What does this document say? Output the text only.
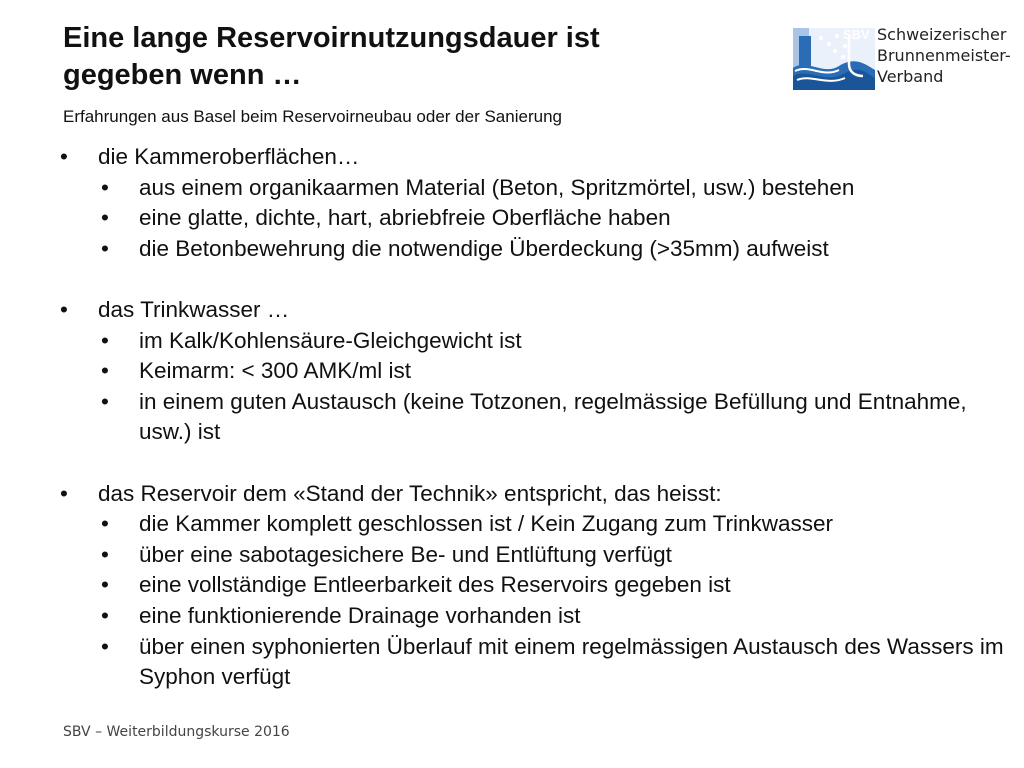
Eine lange Reservoirnutzungsdauer ist
gegeben wenn …
Erfahrungen aus Basel beim Reservoirneubau oder der Sanierung
SBV Schweizerischer
Brunnenmeister-
Verband
•	die Kammeroberflächen…
•	aus einem organikaarmen Material (Beton, Spritzmörtel, usw.) bestehen
•	eine glatte, dichte, hart, abriebfreie Oberfläche haben
•	die Betonbewehrung die notwendige Überdeckung (>35mm) aufweist
•	das Trinkwasser …
•	im Kalk/Kohlensäure-Gleichgewicht ist
•	Keimarm: < 300 AMK/ml ist
•	in einem guten Austausch (keine Totzonen, regelmässige Befüllung und Entnahme, usw.) ist
•	das Reservoir dem «Stand der Technik» entspricht, das heisst:
•	die Kammer komplett geschlossen ist / Kein Zugang zum Trinkwasser
•	über eine sabotagesichere Be- und Entlüftung verfügt
•	eine vollständige Entleerbarkeit des Reservoirs gegeben ist
•	eine funktionierende Drainage vorhanden ist
•	über einen syphonierten Überlauf mit einem regelmässigen Austausch des Wassers im Syphon verfügt
SBV – Weiterbildungskurse 2016
